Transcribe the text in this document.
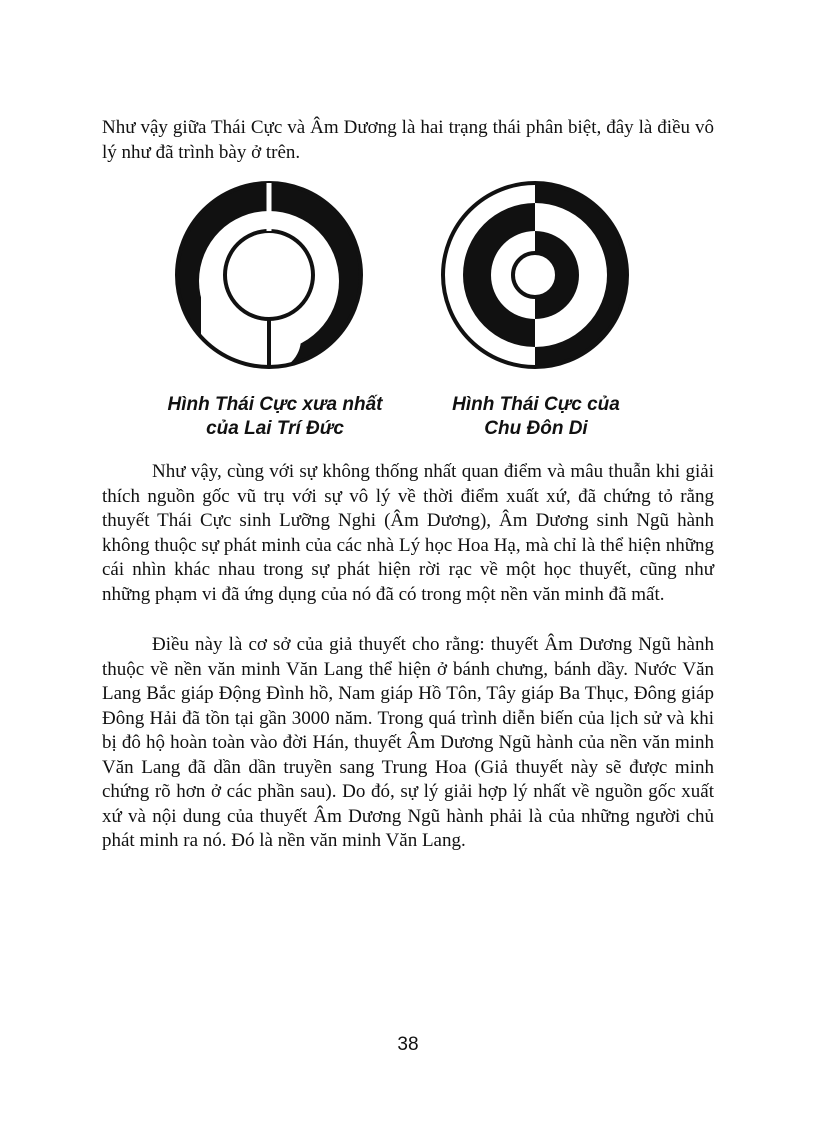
Như vậy giữa Thái Cực và Âm Dương là hai trạng thái phân biệt, đây là điều vô lý như đã trình bày ở trên.

Hình Thái Cực xưa nhất
của Lai Trí Đức
Hình Thái Cực của
Chu Đôn Di

Như vậy, cùng với sự không thống nhất quan điểm và mâu thuẫn khi giải thích nguồn gốc vũ trụ với sự vô lý về thời điểm xuất xứ, đã chứng tỏ rằng thuyết Thái Cực sinh Lưỡng Nghi (Âm Dương), Âm Dương sinh Ngũ hành không thuộc sự phát minh của các nhà Lý học Hoa Hạ, mà chỉ là thể hiện những cái nhìn khác nhau trong sự phát hiện rời rạc về một học thuyết, cũng như những phạm vi đã ứng dụng của nó đã có trong một nền văn minh đã mất.

Điều này là cơ sở của giả thuyết cho rằng: thuyết Âm Dương Ngũ hành thuộc về nền văn minh Văn Lang thể hiện ở bánh chưng, bánh dầy. Nước Văn Lang Bắc giáp Động Đình hồ, Nam giáp Hồ Tôn, Tây giáp Ba Thục, Đông giáp Đông Hải đã tồn tại gần 3000 năm. Trong quá trình diễn biến của lịch sử và khi bị đô hộ hoàn toàn vào đời Hán, thuyết Âm Dương Ngũ hành của nền văn minh Văn Lang đã dần dần truyền sang Trung Hoa (Giả thuyết này sẽ được minh chứng rõ hơn ở các phần sau). Do đó, sự lý giải hợp lý nhất về nguồn gốc xuất xứ và nội dung của thuyết Âm Dương Ngũ hành phải là của những người chủ phát minh ra nó. Đó là nền văn minh Văn Lang.

38
